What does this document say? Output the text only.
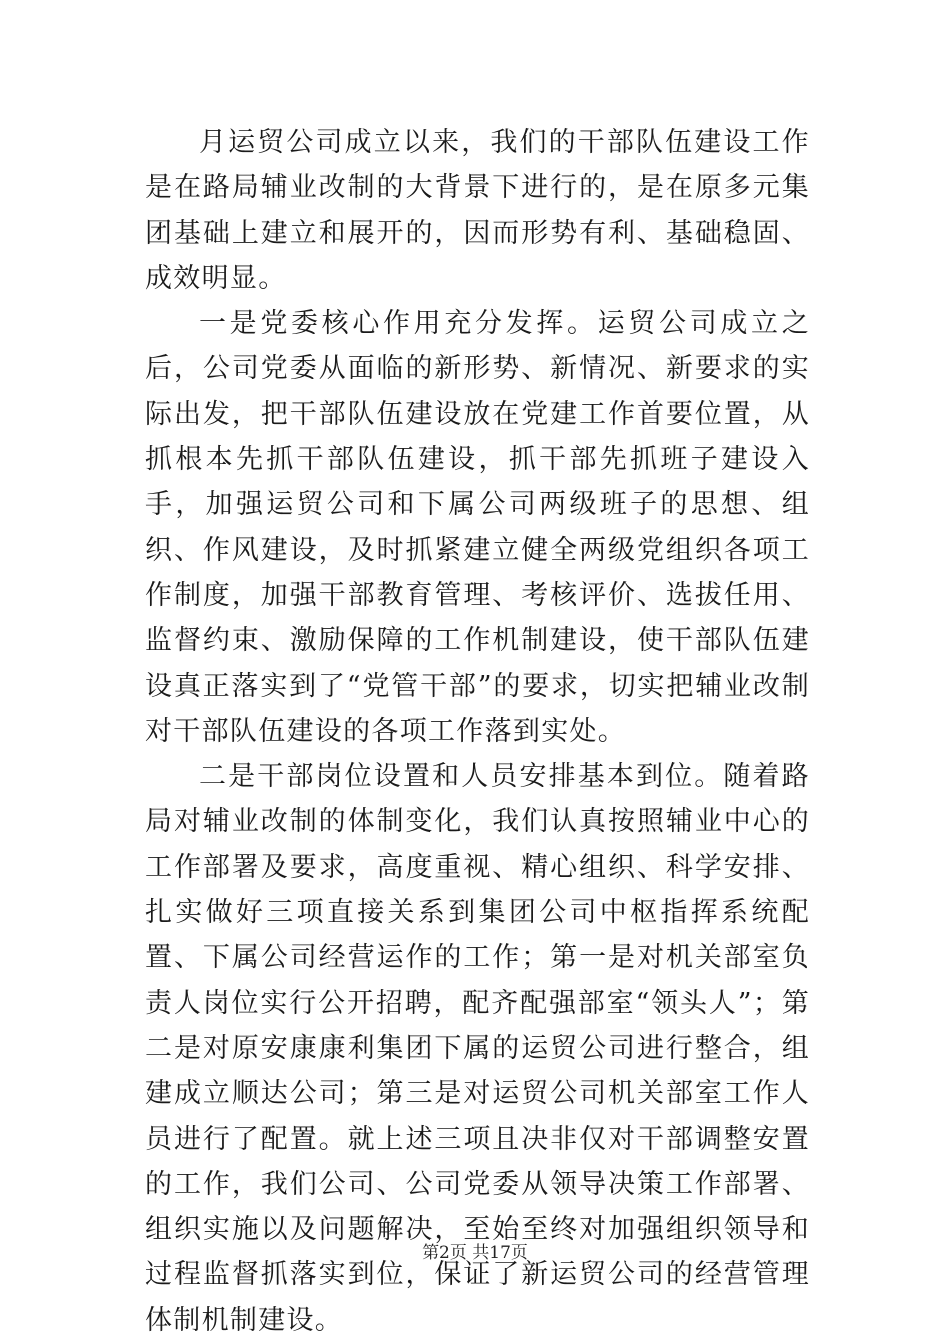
月运贸公司成立以来，我们的干部队伍建设工作是在路局辅业改制的大背景下进行的，是在原多元集团基础上建立和展开的，因而形势有利、基础稳固、成效明显。

一是党委核心作用充分发挥。运贸公司成立之后，公司党委从面临的新形势、新情况、新要求的实际出发，把干部队伍建设放在党建工作首要位置，从抓根本先抓干部队伍建设，抓干部先抓班子建设入手，加强运贸公司和下属公司两级班子的思想、组织、作风建设，及时抓紧建立健全两级党组织各项工作制度，加强干部教育管理、考核评价、选拔任用、监督约束、激励保障的工作机制建设，使干部队伍建设真正落实到了“党管干部”的要求，切实把辅业改制对干部队伍建设的各项工作落到实处。

二是干部岗位设置和人员安排基本到位。随着路局对辅业改制的体制变化，我们认真按照辅业中心的工作部署及要求，高度重视、精心组织、科学安排、扎实做好三项直接关系到集团公司中枢指挥系统配置、下属公司经营运作的工作；第一是对机关部室负责人岗位实行公开招聘，配齐配强部室“领头人”；第二是对原安康康利集团下属的运贸公司进行整合，组建成立顺达公司；第三是对运贸公司机关部室工作人员进行了配置。就上述三项且决非仅对干部调整安置的工作，我们公司、公司党委从领导决策工作部署、组织实施以及问题解决，至始至终对加强组织领导和过程监督抓落实到位，保证了新运贸公司的经营管理体制机制建设。

第2页 共17页
